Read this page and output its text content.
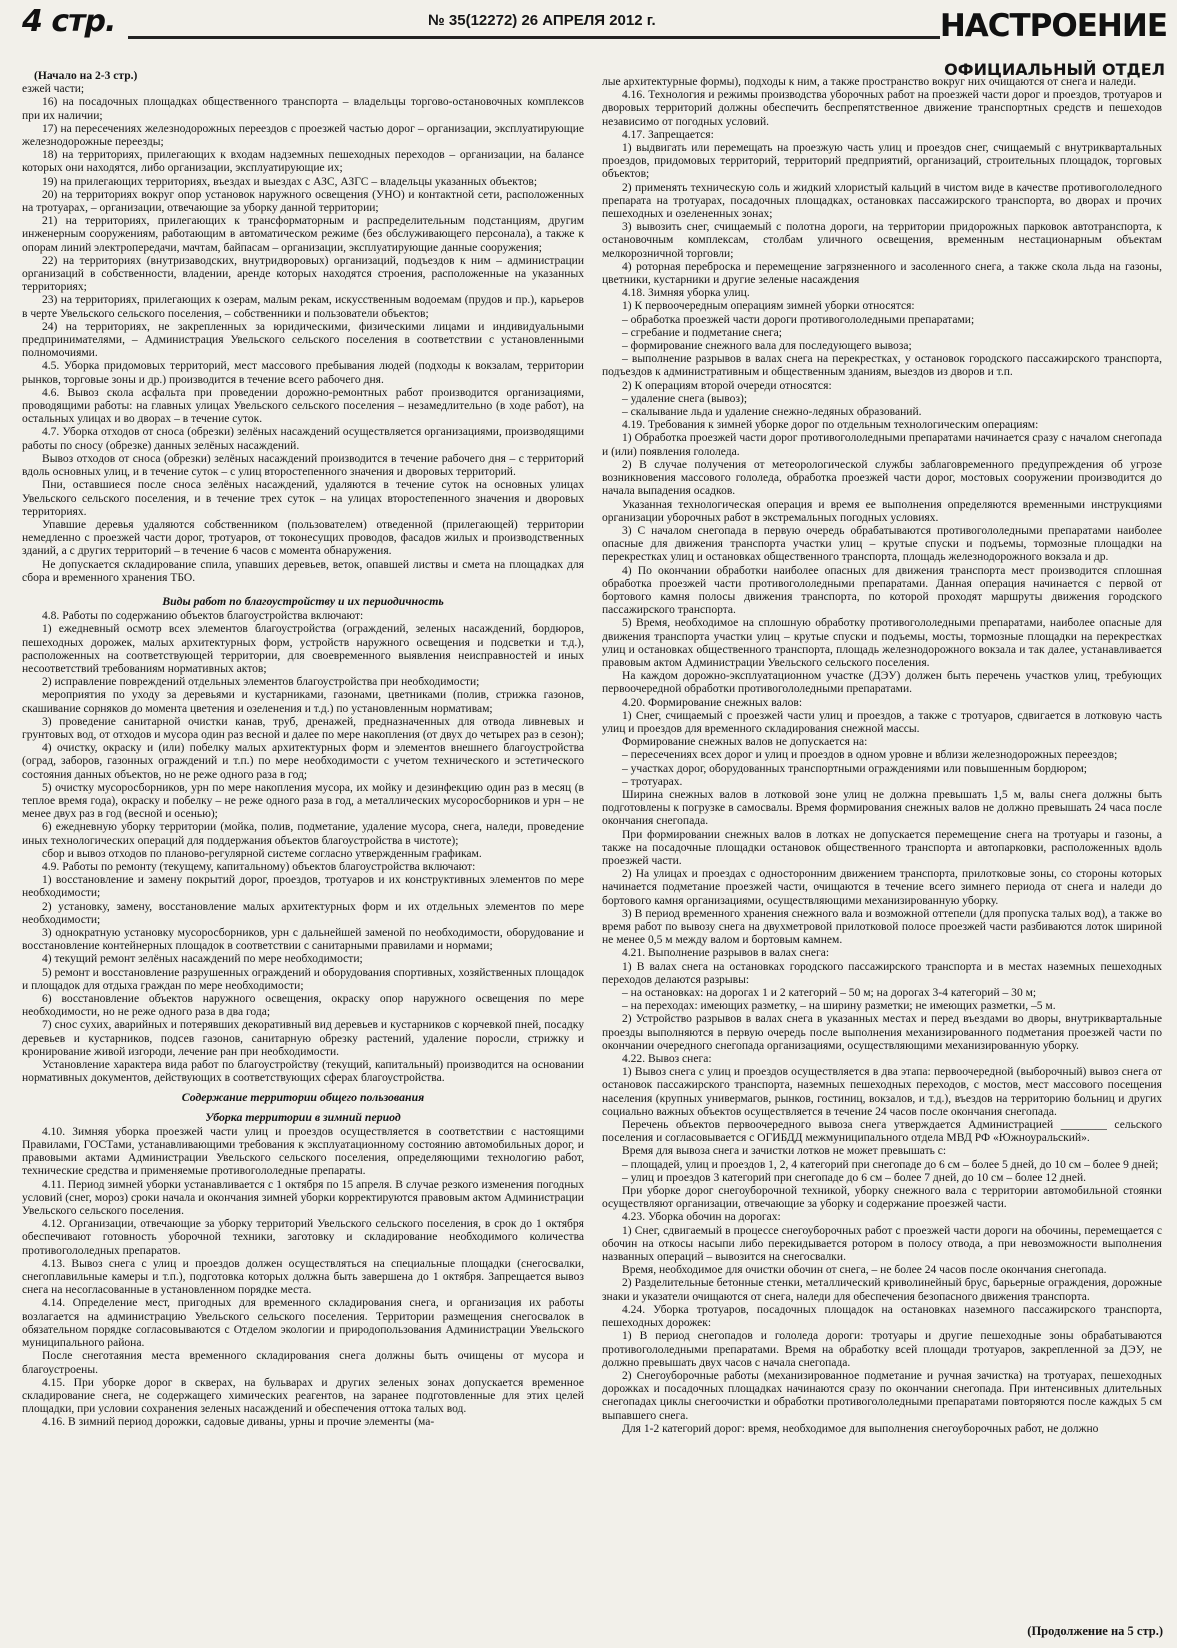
4 стр.	№ 35(12272) 26 АПРЕЛЯ 2012 г.	НАСТРОЕНИЕ
ОФИЦИАЛЬНЫЙ ОТДЕЛ

(Начало на 2-3 стр.)

езжей части;

16) на посадочных площадках общественного транспорта – владельцы торгово-остановочных комплексов при их наличии;

17) на пересечениях железнодорожных переездов с проезжей частью дорог – организации, эксплуатирующие железнодорожные переезды;

18) на территориях, прилегающих к входам надземных пешеходных переходов – организации, на балансе которых они находятся, либо организации, эксплуатирующие их;

19) на прилегающих территориях, въездах и выездах с АЗС, АЗГС – владельцы указанных объектов;

20) на территориях вокруг опор установок наружного освещения (УНО) и контактной сети, расположенных на тротуарах, – организации, отвечающие за уборку данной территории;

21) на территориях, прилегающих к трансформаторным и распределительным подстанциям, другим инженерным сооружениям, работающим в автоматическом режиме (без обслуживающего персонала), а также к опорам линий электропередачи, мачтам, байпасам – организации, эксплуатирующие данные сооружения;

22) на территориях (внутризаводских, внутридворовых) организаций, подъездов к ним – администрации организаций в собственности, владении, аренде которых находятся строения, расположенные на указанных территориях;

23) на территориях, прилегающих к озерам, малым рекам, искусственным водоемам (прудов и пр.), карьеров в черте Увельского сельского поселения, – собственники и пользователи объектов;

24) на территориях, не закрепленных за юридическими, физическими лицами и индивидуальными предпринимателями, – Администрация Увельского сельского поселения в соответствии с установленными полномочиями.

4.5. Уборка придомовых территорий, мест массового пребывания людей (подходы к вокзалам, территории рынков, торговые зоны и др.) производится в течение всего рабочего дня.

4.6. Вывоз скола асфальта при проведении дорожно-ремонтных работ производится организациями, проводящими работы: на главных улицах Увельского сельского поселения – незамедлительно (в ходе работ), на остальных улицах и во дворах – в течение суток.

4.7. Уборка отходов от сноса (обрезки) зелёных насаждений осуществляется организациями, производящими работы по сносу (обрезке) данных зелёных насаждений.

Вывоз отходов от сноса (обрезки) зелёных насаждений производится в течение рабочего дня – с территорий вдоль основных улиц, и в течение суток – с улиц второстепенного значения и дворовых территорий.

Пни, оставшиеся после сноса зелёных насаждений, удаляются в течение суток на основных улицах Увельского сельского поселения, и в течение трех суток – на улицах второстепенного значения и дворовых территориях.

Упавшие деревья удаляются собственником (пользователем) отведенной (прилегающей) территории немедленно с проезжей части дорог, тротуаров, от токонесущих проводов, фасадов жилых и производственных зданий, а с других территорий – в течение 6 часов с момента обнаружения.

Не допускается складирование спила, упавших деревьев, веток, опавшей листвы и смета на площадках для сбора и временного хранения ТБО.

Виды работ по благоустройству и их периодичность

4.8. Работы по содержанию объектов благоустройства включают:

1) ежедневный осмотр всех элементов благоустройства (ограждений, зеленых насаждений, бордюров, пешеходных дорожек, малых архитектурных форм, устройств наружного освещения и подсветки и т.д.), расположенных на соответствующей территории, для своевременного выявления неисправностей и иных несоответствий требованиям нормативных актов;

2) исправление повреждений отдельных элементов благоустройства при необходимости;

мероприятия по уходу за деревьями и кустарниками, газонами, цветниками (полив, стрижка газонов, скашивание сорняков до момента цветения и озеленения и т.д.) по установленным нормативам;

3) проведение санитарной очистки канав, труб, дренажей, предназначенных для отвода ливневых и грунтовых вод, от отходов и мусора один раз весной и далее по мере накопления (от двух до четырех раз в сезон);

4) очистку, окраску и (или) побелку малых архитектурных форм и элементов внешнего благоустройства (оград, заборов, газонных ограждений и т.п.) по мере необходимости с учетом технического и эстетического состояния данных объектов, но не реже одного раза в год;

5) очистку мусоросборников, урн по мере накопления мусора, их мойку и дезинфекцию один раз в месяц (в теплое время года), окраску и побелку – не реже одного раза в год, а металлических мусоросборников и урн – не менее двух раз в год (весной и осенью);

6) ежедневную уборку территории (мойка, полив, подметание, удаление мусора, снега, наледи, проведение иных технологических операций для поддержания объектов благоустройства в чистоте);

сбор и вывоз отходов по планово-регулярной системе согласно утвержденным графикам.

4.9. Работы по ремонту (текущему, капитальному) объектов благоустройства включают:

1) восстановление и замену покрытий дорог, проездов, тротуаров и их конструктивных элементов по мере необходимости;

2) установку, замену, восстановление малых архитектурных форм и их отдельных элементов по мере необходимости;

3) однократную установку мусоросборников, урн с дальнейшей заменой по необходимости, оборудование и восстановление контейнерных площадок в соответствии с санитарными правилами и нормами;

4) текущий ремонт зелёных насаждений по мере необходимости;

5) ремонт и восстановление разрушенных ограждений и оборудования спортивных, хозяйственных площадок и площадок для отдыха граждан по мере необходимости;

6) восстановление объектов наружного освещения, окраску опор наружного освещения по мере необходимости, но не реже одного раза в два года;

7) снос сухих, аварийных и потерявших декоративный вид деревьев и кустарников с корчевкой пней, посадку деревьев и кустарников, подсев газонов, санитарную обрезку растений, удаление поросли, стрижку и кронирование живой изгороди, лечение ран при необходимости.

Установление характера вида работ по благоустройству (текущий, капитальный) производится на основании нормативных документов, действующих в соответствующих сферах благоустройства.

Содержание территории общего пользования
Уборка территории в зимний период

4.10. Зимняя уборка проезжей части улиц и проездов осуществляется в соответствии с настоящими Правилами, ГОСТами, устанавливающими требования к эксплуатационному состоянию автомобильных дорог, и правовыми актами Администрации Увельского сельского поселения, определяющими технологию работ, технические средства и применяемые противогололедные препараты.

4.11. Период зимней уборки устанавливается с 1 октября по 15 апреля. В случае резкого изменения погодных условий (снег, мороз) сроки начала и окончания зимней уборки корректируются правовым актом Администрации Увельского сельского поселения.

4.12. Организации, отвечающие за уборку территорий Увельского сельского поселения, в срок до 1 октября обеспечивают готовность уборочной техники, заготовку и складирование необходимого количества противогололедных препаратов.

4.13. Вывоз снега с улиц и проездов должен осуществляться на специальные площадки (снегосвалки, снегоплавильные камеры и т.п.), подготовка которых должна быть завершена до 1 октября. Запрещается вывоз снега на несогласованные в установленном порядке места.

4.14. Определение мест, пригодных для временного складирования снега, и организация их работы возлагается на администрацию Увельского сельского поселения. Территории размещения снегосвалок в обязательном порядке согласовываются с Отделом экологии и природопользования Администрации Увельского муниципального района.

После снеготаяния места временного складирования снега должны быть очищены от мусора и благоустроены.

4.15. При уборке дорог в скверах, на бульварах и других зеленых зонах допускается временное складирование снега, не содержащего химических реагентов, на заранее подготовленные для этих целей площадки, при условии сохранения зеленых насаждений и обеспечения оттока талых вод.

4.16. В зимний период дорожки, садовые диваны, урны и прочие элементы (ма-

лые архитектурные формы), подходы к ним, а также пространство вокруг них очищаются от снега и наледи.

4.16. Технология и режимы производства уборочных работ на проезжей части дорог и проездов, тротуаров и дворовых территорий должны обеспечить беспрепятственное движение транспортных средств и пешеходов независимо от погодных условий.

4.17. Запрещается:

1) выдвигать или перемещать на проезжую часть улиц и проездов снег, счищаемый с внутриквартальных проездов, придомовых территорий, территорий предприятий, организаций, строительных площадок, торговых объектов;

2) применять техническую соль и жидкий хлористый кальций в чистом виде в качестве противогололедного препарата на тротуарах, посадочных площадках, остановках пассажирского транспорта, во дворах и прочих пешеходных и озелененных зонах;

3) вывозить снег, счищаемый с полотна дороги, на территории придорожных парковок автотранспорта, к остановочным комплексам, столбам уличного освещения, временным нестационарным объектам мелкорозничной торговли;

4) роторная переброска и перемещение загрязненного и засоленного снега, а также скола льда на газоны, цветники, кустарники и другие зеленые насаждения

4.18. Зимняя уборка улиц.

1) К первоочередным операциям зимней уборки относятся:

– обработка проезжей части дороги противогололедными препаратами;

– сгребание и подметание снега;

– формирование снежного вала для последующего вывоза;

– выполнение разрывов в валах снега на перекрестках, у остановок городского пассажирского транспорта, подъездов к административным и общественным зданиям, выездов из дворов и т.п.

2) К операциям второй очереди относятся:

– удаление снега (вывоз);

– скалывание льда и удаление снежно-ледяных образований.

4.19. Требования к зимней уборке дорог по отдельным технологическим операциям:

1) Обработка проезжей части дорог противогололедными препаратами начинается сразу с началом снегопада и (или) появления гололеда.

2) В случае получения от метеорологической службы заблаговременного предупреждения об угрозе возникновения массового гололеда, обработка проезжей части дорог, мостовых сооружении производится до начала выпадения осадков.

Указанная технологическая операция и время ее выполнения определяются временными инструкциями организации уборочных работ в экстремальных погодных условиях.

3) С началом снегопада в первую очередь обрабатываются противогололедными препаратами наиболее опасные для движения транспорта участки улиц – крутые спуски и подъемы, тормозные площадки на перекрестках улиц и остановках общественного транспорта, площадь железнодорожного вокзала и др.

4) По окончании обработки наиболее опасных для движения транспорта мест производится сплошная обработка проезжей части противогололедными препаратами. Данная операция начинается с первой от бортового камня полосы движения транспорта, по которой проходят маршруты движения городского пассажирского транспорта.

5) Время, необходимое на сплошную обработку противогололедными препаратами, наиболее опасные для движения транспорта участки улиц – крутые спуски и подъемы, мосты, тормозные площадки на перекрестках улиц и остановках общественного транспорта, площадь железнодорожного вокзала и так далее, устанавливается правовым актом Администрации Увельского сельского поселения.

На каждом дорожно-эксплуатационном участке (ДЭУ) должен быть перечень участков улиц, требующих первоочередной обработки противогололедными препаратами.

4.20. Формирование снежных валов:

1) Снег, счищаемый с проезжей части улиц и проездов, а также с тротуаров, сдвигается в лотковую часть улиц и проездов для временного складирования снежной массы.

Формирование снежных валов не допускается на:

– пересечениях всех дорог и улиц и проездов в одном уровне и вблизи железнодорожных переездов;

– участках дорог, оборудованных транспортными ограждениями или повышенным бордюром;

– тротуарах.

Ширина снежных валов в лотковой зоне улиц не должна превышать 1,5 м, валы снега должны быть подготовлены к погрузке в самосвалы. Время формирования снежных валов не должно превышать 24 часа после окончания снегопада.

При формировании снежных валов в лотках не допускается перемещение снега на тротуары и газоны, а также на посадочные площадки остановок общественного транспорта и автопарковки, расположенных вдоль проезжей части.

2) На улицах и проездах с односторонним движением транспорта, прилотковые зоны, со стороны которых начинается подметание проезжей части, очищаются в течение всего зимнего периода от снега и наледи до бортового камня организациями, осуществляющими механизированную уборку.

3) В период временного хранения снежного вала и возможной оттепели (для пропуска талых вод), а также во время работ по вывозу снега на двухметровой прилотковой полосе проезжей части разбиваются лоток шириной не менее 0,5 м между валом и бортовым камнем.

4.21. Выполнение разрывов в валах снега:

1) В валах снега на остановках городского пассажирского транспорта и в местах наземных пешеходных переходов делаются разрывы:

– на остановках: на дорогах 1 и 2 категорий – 50 м; на дорогах 3-4 категорий – 30 м;

– на переходах: имеющих разметку, – на ширину разметки; не имеющих разметки, –5 м.

2) Устройство разрывов в валах снега в указанных местах и перед въездами во дворы, внутриквартальные проезды выполняются в первую очередь после выполнения механизированного подметания проезжей части по окончании очередного снегопада организациями, осуществляющими механизированную уборку.

4.22. Вывоз снега:

1) Вывоз снега с улиц и проездов осуществляется в два этапа: первоочередной (выборочный) вывоз снега от остановок пассажирского транспорта, наземных пешеходных переходов, с мостов, мест массового посещения населения (крупных универмагов, рынков, гостиниц, вокзалов, и т.д.), въездов на территорию больниц и других социально важных объектов осуществляется в течение 24 часов после окончания снегопада.

Перечень объектов первоочередного вывоза снега утверждается Администрацией ________ сельского поселения и согласовывается с ОГИБДД межмуниципального отдела МВД РФ «Южноуральский».

Время для вывоза снега и зачистки лотков не может превышать с:

– площадей, улиц и проездов 1, 2, 4 категорий при снегопаде до 6 см – более 5 дней, до 10 см – более 9 дней;

– улиц и проездов 3 категорий при снегопаде до 6 см – более 7 дней, до 10 см – более 12 дней.

При уборке дорог снегоуборочной техникой, уборку снежного вала с территории автомобильной стоянки осуществляют организации, отвечающие за уборку и содержание проезжей части.

4.23. Уборка обочин на дорогах:

1) Снег, сдвигаемый в процессе снегоуборочных работ с проезжей части дороги на обочины, перемещается с обочин на откосы насыпи либо перекидывается ротором в полосу отвода, а при невозможности выполнения названных операций – вывозится на снегосвалки.

Время, необходимое для очистки обочин от снега, – не более 24 часов после окончания снегопада.

2) Разделительные бетонные стенки, металлический криволинейный брус, барьерные ограждения, дорожные знаки и указатели очищаются от снега, наледи для обеспечения безопасного движения транспорта.

4.24. Уборка тротуаров, посадочных площадок на остановках наземного пассажирского транспорта, пешеходных дорожек:

1) В период снегопадов и гололеда дороги: тротуары и другие пешеходные зоны обрабатываются противогололедными препаратами. Время на обработку всей площади тротуаров, закрепленной за ДЭУ, не должно превышать двух часов с начала снегопада.

2) Снегоуборочные работы (механизированное подметание и ручная зачистка) на тротуарах, пешеходных дорожках и посадочных площадках начинаются сразу по окончании снегопада. При интенсивных длительных снегопадах циклы снегоочистки и обработки противогололедными препаратами повторяются после каждых 5 см выпавшего снега.

Для 1-2 категорий дорог: время, необходимое для выполнения снегоуборочных работ, не должно

(Продолжение на 5 стр.)
